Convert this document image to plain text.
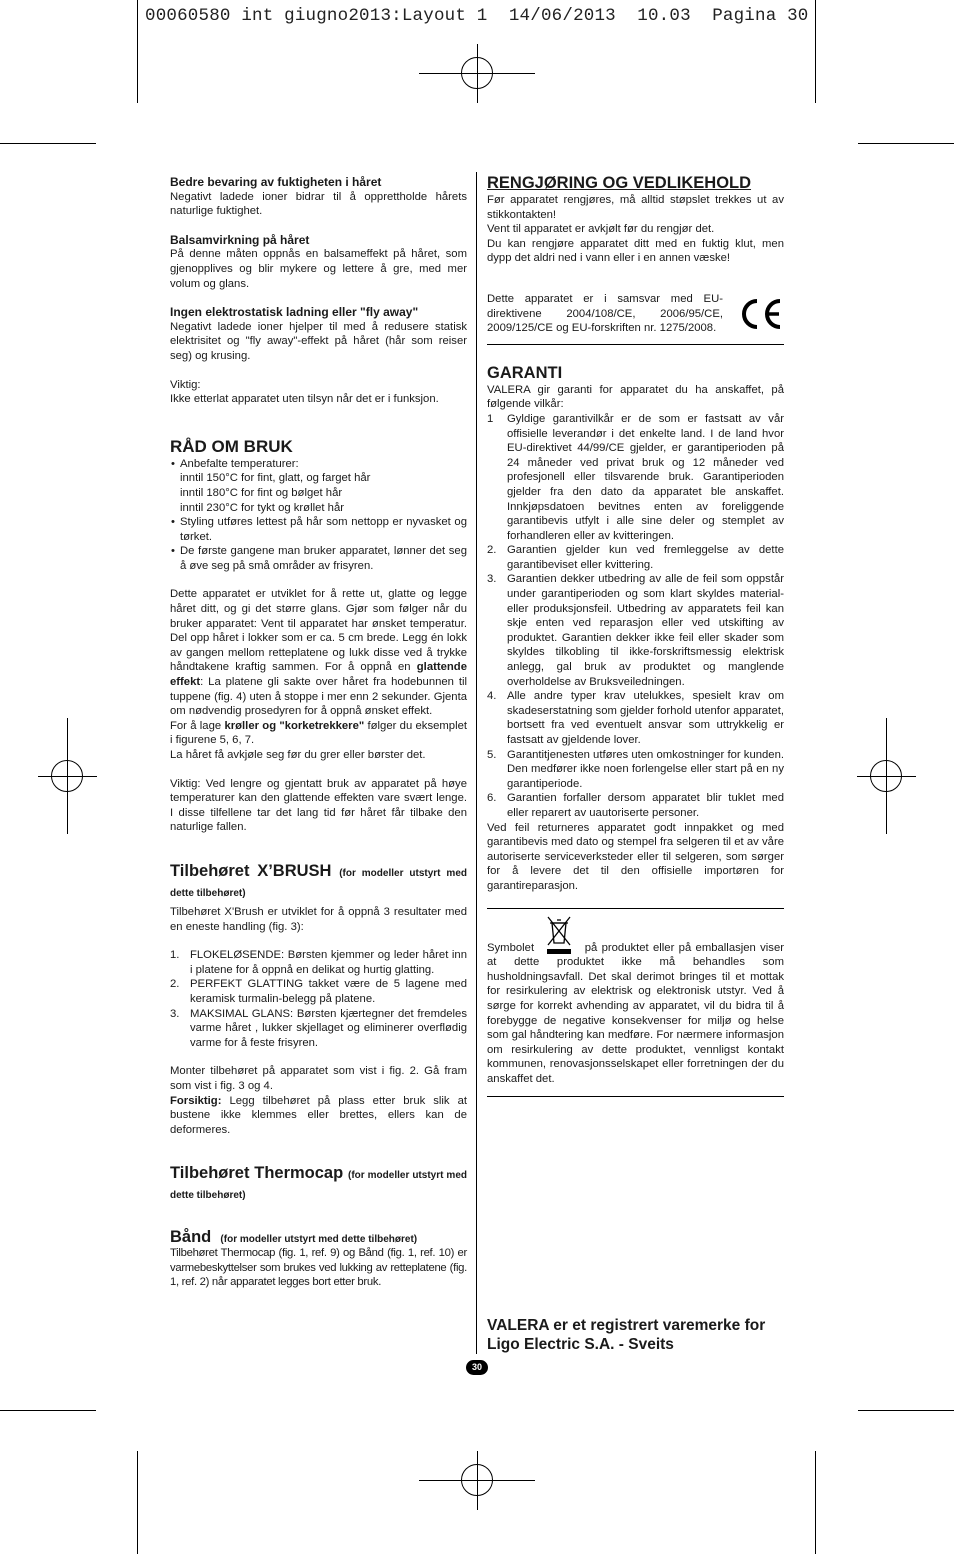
00060580 int giugno2013:Layout 1  14/06/2013  10.03  Pagina 30

Bedre bevaring av fuktigheten i håret

Negativt ladede ioner bidrar til å opprettholde hårets naturlige fuktighet.

Balsamvirkning på håret

På denne måten oppnås en balsameffekt på håret, som gjenopplives og blir mykere og lettere å gre, med mer volum og glans.

Ingen elektrostatisk ladning eller "fly away"

Negativt ladede ioner hjelper til med å redusere statisk elektrisitet og "fly away"-effekt på håret (hår som reiser seg) og krusing.

Viktig:

Ikke etterlat apparatet uten tilsyn når det er i funksjon.

RÅD OM BRUK

• Anbefalte temperaturer:
inntil 150°C for fint, glatt, og farget hår
inntil 180°C for fint og bølget hår
inntil 230°C for tykt og krøllet hår
• Styling utføres lettest på hår som nettopp er nyvasket og tørket.
• De første gangene man bruker apparatet, lønner det seg å øve seg på små områder av frisyren.

Dette apparatet er utviklet for å rette ut, glatte og legge håret ditt, og gi det større glans. Gjør som følger når du bruker apparatet: Vent til apparatet har ønsket temperatur. Del opp håret i lokker som er ca. 5 cm brede. Legg én lokk av gangen mellom retteplatene og lukk disse ved å trykke håndtakene kraftig sammen. For å oppnå en glattende effekt: La platene gli sakte over håret fra hodebunnen til tuppene (fig. 4) uten å stoppe i mer enn 2 sekunder. Gjenta om nødvendig prosedyren for å oppnå ønsket effekt.

For å lage krøller og "korketrekkere" følger du eksemplet i figurene 5, 6, 7.

La håret få avkjøle seg før du grer eller børster det.

Viktig: Ved lengre og gjentatt bruk av apparatet på høye temperaturer kan den glattende effekten vare svært lenge. I disse tilfellene tar det lang tid før håret får tilbake den naturlige fallen.

Tilbehøret X’BRUSH (for modeller utstyrt med dette tilbehøret)

Tilbehøret X'Brush er utviklet for å oppnå 3 resultater med en eneste handling (fig. 3):

1. FLOKELØSENDE: Børsten kjemmer og leder håret inn i platene for å oppnå en delikat og hurtig glatting.
2. PERFEKT GLATTING takket være de 5 lagene med keramisk turmalin-belegg på platene.
3. MAKSIMAL GLANS: Børsten kjærtegner det fremdeles varme håret , lukker skjellaget og eliminerer overflødig varme for å feste frisyren.

Monter tilbehøret på apparatet som vist i fig. 2. Gå fram som vist i fig. 3 og 4.

Forsiktig: Legg tilbehøret på plass etter bruk slik at bustene ikke klemmes eller brettes, ellers kan de deformeres.

Tilbehøret Thermocap (for modeller utstyrt med dette tilbehøret)

Bånd (for modeller utstyrt med dette tilbehøret)

Tilbehøret Thermocap (fig. 1, ref. 9) og Bånd (fig. 1, ref. 10) er varmebeskyttelser som brukes ved lukking av retteplatene (fig. 1, ref. 2) når apparatet legges bort etter bruk.

RENGJØRING OG VEDLIKEHOLD

Før apparatet rengjøres, må alltid støpslet trekkes ut av stikkontakten!

Vent til apparatet er avkjølt før du rengjør det.

Du kan rengjøre apparatet ditt med en fuktig klut, men dypp det aldri ned i vann eller i en annen væske!

Dette apparatet er i samsvar med EU-direktivene 2004/108/CE, 2006/95/CE, 2009/125/CE og EU-forskriften nr. 1275/2008.

GARANTI

VALERA gir garanti for apparatet du ha anskaffet, på følgende vilkår:

1 Gyldige garantivilkår er de som er fastsatt av vår offisielle leverandør i det enkelte land. I de land hvor EU-direktivet 44/99/CE gjelder, er garantiperioden på 24 måneder ved privat bruk og 12 måneder ved profesjonell eller tilsvarende bruk. Garantiperioden gjelder fra den dato da apparatet ble anskaffet. Innkjøpsdatoen bevitnes enten av foreliggende garantibevis utfylt i alle sine deler og stemplet av forhandleren eller av kvitteringen.
2. Garantien gjelder kun ved fremleggelse av dette garantibeviset eller kvittering.
3. Garantien dekker utbedring av alle de feil som oppstår under garantiperioden og som klart skyldes material- eller produksjonsfeil. Utbedring av apparatets feil kan skje enten ved reparasjon eller ved utskifting av produktet. Garantien dekker ikke feil eller skader som skyldes tilkobling til ikke-forskriftsmessig elektrisk anlegg, gal bruk av produktet og manglende overholdelse av Bruksveiledningen.
4. Alle andre typer krav utelukkes, spesielt krav om skadeserstatning som gjelder forhold utenfor apparatet, bortsett fra ved eventuelt ansvar som uttrykkelig er fastsatt av gjeldende lover.
5. Garantitjenesten utføres uten omkostninger for kunden. Den medfører ikke noen forlengelse eller start på en ny garantiperiode.
6. Garantien forfaller dersom apparatet blir tuklet med eller reparert av uautoriserte personer.

Ved feil returneres apparatet godt innpakket og med garantibevis med dato og stempel fra selgeren til et av våre autoriserte serviceverksteder eller til selgeren, som sørger for å levere det til den offisielle importøren for garantireparasjon.

Symbolet	på produktet eller på emballasjen viser at dette produktet ikke må behandles som husholdningsavfall. Det skal derimot bringes til et mottak for resirkulering av elektrisk og elektronisk utstyr. Ved å sørge for korrekt avhending av apparatet, vil du bidra til å forebygge de negative konsekvenser for miljø og helse som gal håndtering kan medføre. For nærmere informasjon om resirkulering av dette produktet, vennligst kontakt kommunen, renovasjonsselskapet eller forretningen der du anskaffet det.

VALERA er et registrert varemerke for
Ligo Electric S.A. - Sveits
30
